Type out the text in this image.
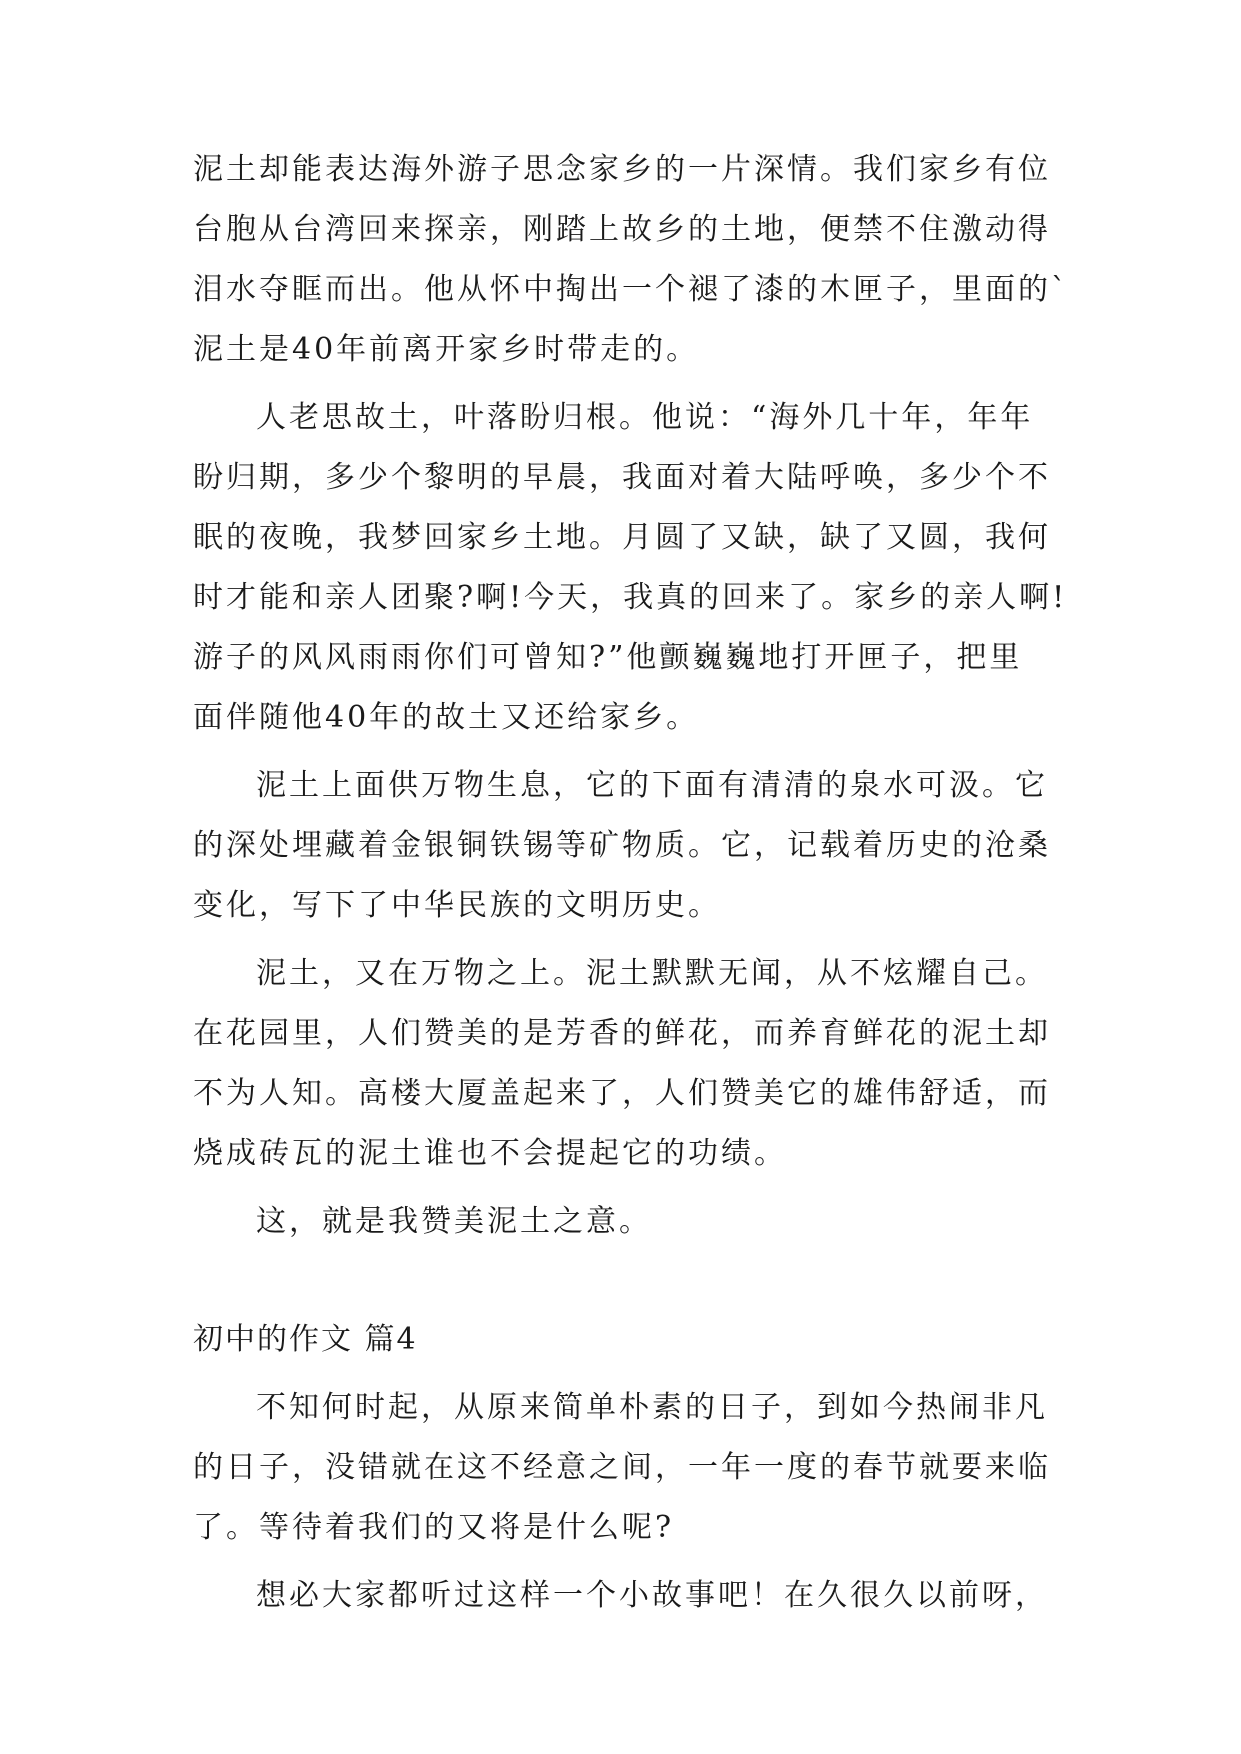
泥土却能表达海外游子思念家乡的一片深情。我们家乡有位
台胞从台湾回来探亲，刚踏上故乡的土地，便禁不住激动得
泪水夺眶而出。他从怀中掏出一个褪了漆的木匣子，里面的`
泥土是40年前离开家乡时带走的。
人老思故土，叶落盼归根。他说：“海外几十年，年年
盼归期，多少个黎明的早晨，我面对着大陆呼唤，多少个不
眠的夜晚，我梦回家乡土地。月圆了又缺，缺了又圆，我何
时才能和亲人团聚?啊!今天，我真的回来了。家乡的亲人啊!
游子的风风雨雨你们可曾知?”他颤巍巍地打开匣子，把里
面伴随他40年的故土又还给家乡。
泥土上面供万物生息，它的下面有清清的泉水可汲。它
的深处埋藏着金银铜铁锡等矿物质。它，记载着历史的沧桑
变化，写下了中华民族的文明历史。
泥土，又在万物之上。泥土默默无闻，从不炫耀自己。
在花园里，人们赞美的是芳香的鲜花，而养育鲜花的泥土却
不为人知。高楼大厦盖起来了，人们赞美它的雄伟舒适，而
烧成砖瓦的泥土谁也不会提起它的功绩。
这，就是我赞美泥土之意。
初中的作文 篇4
不知何时起，从原来简单朴素的日子，到如今热闹非凡
的日子，没错就在这不经意之间，一年一度的春节就要来临
了。等待着我们的又将是什么呢?
想必大家都听过这样一个小故事吧！在久很久以前呀，
